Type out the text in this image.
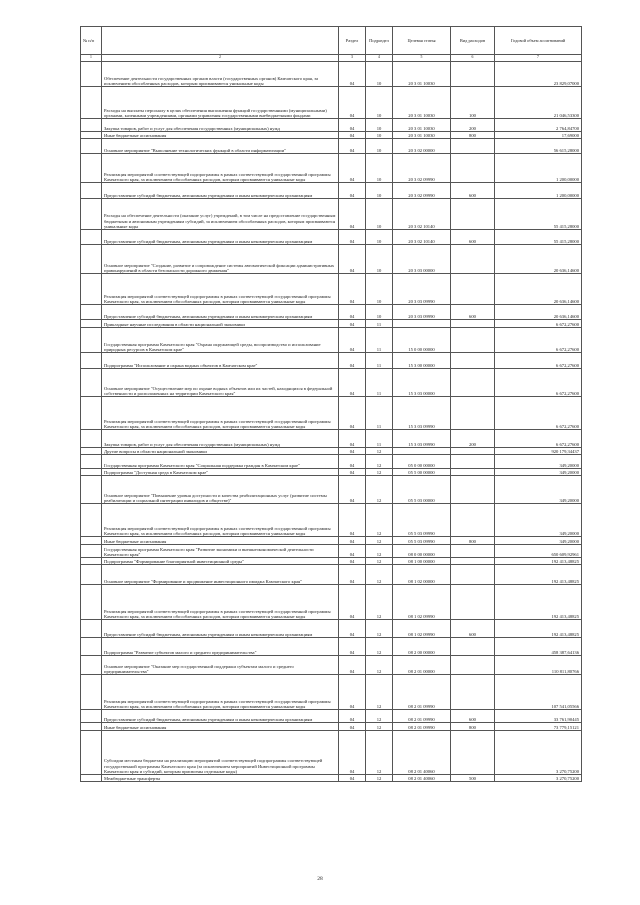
№ п/п		Раздел	Подраздел	Целевая статья	Вид расходов	Годовой объем ассигнований
1	2	3	4	5	6	7
	Обеспечение деятельности государственных органов власти (государственных органов) Камчатского края, за исключением обособленных расходов, которым присваиваются уникальные коды	04	10	20 3 01 10030		23 829,07000
	Расходы на выплаты персоналу в целях обеспечения выполнения функций государственными (муниципальными) органами, казенными учреждениями, органами управления государственными внебюджетными фондами	04	10	20 3 01 10030	100	21 046,53300
	Закупка товаров, работ и услуг для обеспечения государственных (муниципальных) нужд	04	10	20 3 01 10030	200	2 764,84700
	Иные бюджетные ассигнования	04	10	20 3 01 10030	800	17,69000
	Основное мероприятие "Выполнение технологических функций в области информатизации"	04	10	20 3 02 00000		56 615,28000
	Реализация мероприятий соответствующей подпрограммы в рамках соответствующей государственной программы Камчатского края, за исключением обособленных расходов, которым присваиваются уникальные коды	04	10	20 3 02 09990		1 200,00000
	Предоставление субсидий бюджетным, автономным учреждениям и иным некоммерческим организациям	04	10	20 3 02 09990	600	1 200,00000
	Расходы на обеспечение деятельности (оказание услуг) учреждений, в том числе на предоставление государственным бюджетным и автономным учреждениям субсидий, за исключением обособленных расходов, которым присваиваются уникальные коды	04	10	20 3 02 10140		55 415,28000
	Предоставление субсидий бюджетным, автономным учреждениям и иным некоммерческим организациям	04	10	20 3 02 10140	600	55 415,28000
	Основное мероприятие "Создание, развитие и сопровождение системы автоматической фиксации административных правонарушений в области безопасности дорожного движения"	04	10	20 3 03 00000		20 636,14600
	Реализация мероприятий соответствующей подпрограммы в рамках соответствующей государственной программы Камчатского края, за исключением обособленных расходов, которым присваиваются уникальные коды	04	10	20 3 03 09990		20 636,14600
	Предоставление субсидий бюджетным, автономным учреждениям и иным некоммерческим организациям	04	10	20 3 03 09990	600	20 636,14600
	Прикладные научные исследования в области национальной экономики	04	11			6 672,27600
	Государственная программа Камчатского края "Охрана окружающей среды, воспроизводство и использование природных ресурсов в Камчатском крае"	04	11	15 0 00 00000		6 672,27600
	Подпрограмма "Использование и охрана водных объектов в Камчатском крае"	04	11	15 3 00 00000		6 672,27600
	Основное мероприятие "Осуществление мер по охране водных объектов или их частей, находящихся в федеральной собственности и расположенных на территории Камчатского края"	04	11	15 3 03 00000		6 672,27600
	Реализация мероприятий соответствующей подпрограммы в рамках соответствующей государственной программы Камчатского края, за исключением обособленных расходов, которым присваиваются уникальные коды	04	11	15 3 03 09990		6 672,27600
	Закупка товаров, работ и услуг для обеспечения государственных (муниципальных) нужд	04	11	15 3 03 09990	200	6 672,27600
	Другие вопросы в области национальной экономики	04	12			920 179,34437
	Государственная программа Камчатского края "Социальная поддержка граждан в Камчатском крае"	04	12	05 0 00 00000		349,20000
	Подпрограмма "Доступная среда в Камчатском крае"	04	12	05 5 00 00000		349,20000
	Основное мероприятие "Повышение уровня доступности и качества реабилитационных услуг (развитие системы реабилитации и социальной интеграции инвалидов и обществе)"	04	12	05 5 03 00000		349,20000
	Реализация мероприятий соответствующей подпрограммы в рамках соответствующей государственной программы Камчатского края, за исключением обособленных расходов, которым присваиваются уникальные коды	04	12	05 5 03 09990		349,20000
	Иные бюджетные ассигнования	04	12	05 5 03 09990	800	349,20000
	Государственная программа Камчатского края "Развитие экономики и внешнеэкономической деятельности Камчатского края"	04	12	08 0 00 00000		650 609,92961
	Подпрограмма "Формирование благоприятной инвестиционной среды"	04	12	08 1 00 00000		192 413,48825
	Основное мероприятие "Формирование и продвижение инвестиционного имиджа Камчатского края"	04	12	08 1 02 00000		192 413,48825
	Реализация мероприятий соответствующей подпрограммы в рамках соответствующей государственной программы Камчатского края, за исключением обособленных расходов, которым присваиваются уникальные коды	04	12	08 1 02 09990		192 413,48825
	Предоставление субсидий бюджетным, автономным учреждениям и иным некоммерческим организациям	04	12	08 1 02 09990	600	192 413,48825
	Подпрограмма "Развитие субъектов малого и среднего предпринимательства"	04	12	08 2 00 00000		458 387,64136
	Основное мероприятие "Оказание мер государственной поддержки субъектам малого и среднего предпринимательства"	04	12	08 2 01 00000		110 811,80766
	Реализация мероприятий соответствующей подпрограммы в рамках соответствующей государственной программы Камчатского края, за исключением обособленных расходов, которым присваиваются уникальные коды	04	12	08 2 01 09990		107 541,05566
	Предоставление субсидий бюджетным, автономным учреждениям и иным некоммерческим организациям	04	12	08 2 01 09990	600	33 761,90445
	Иные бюджетные ассигнования	04	12	08 2 01 09990	800	73 779,15121
	Субсидии местным бюджетам на реализацию мероприятий соответствующей подпрограммы соответствующей государственной программы Камчатского края (за исключением мероприятий Инвестиционной программы Камчатского края и субсидий, которым присвоены отдельные коды)	04	12	08 2 01 40060		3 270,75200
	Межбюджетные трансферты	04	12	08 2 01 40060	500	3 270,75200
28
